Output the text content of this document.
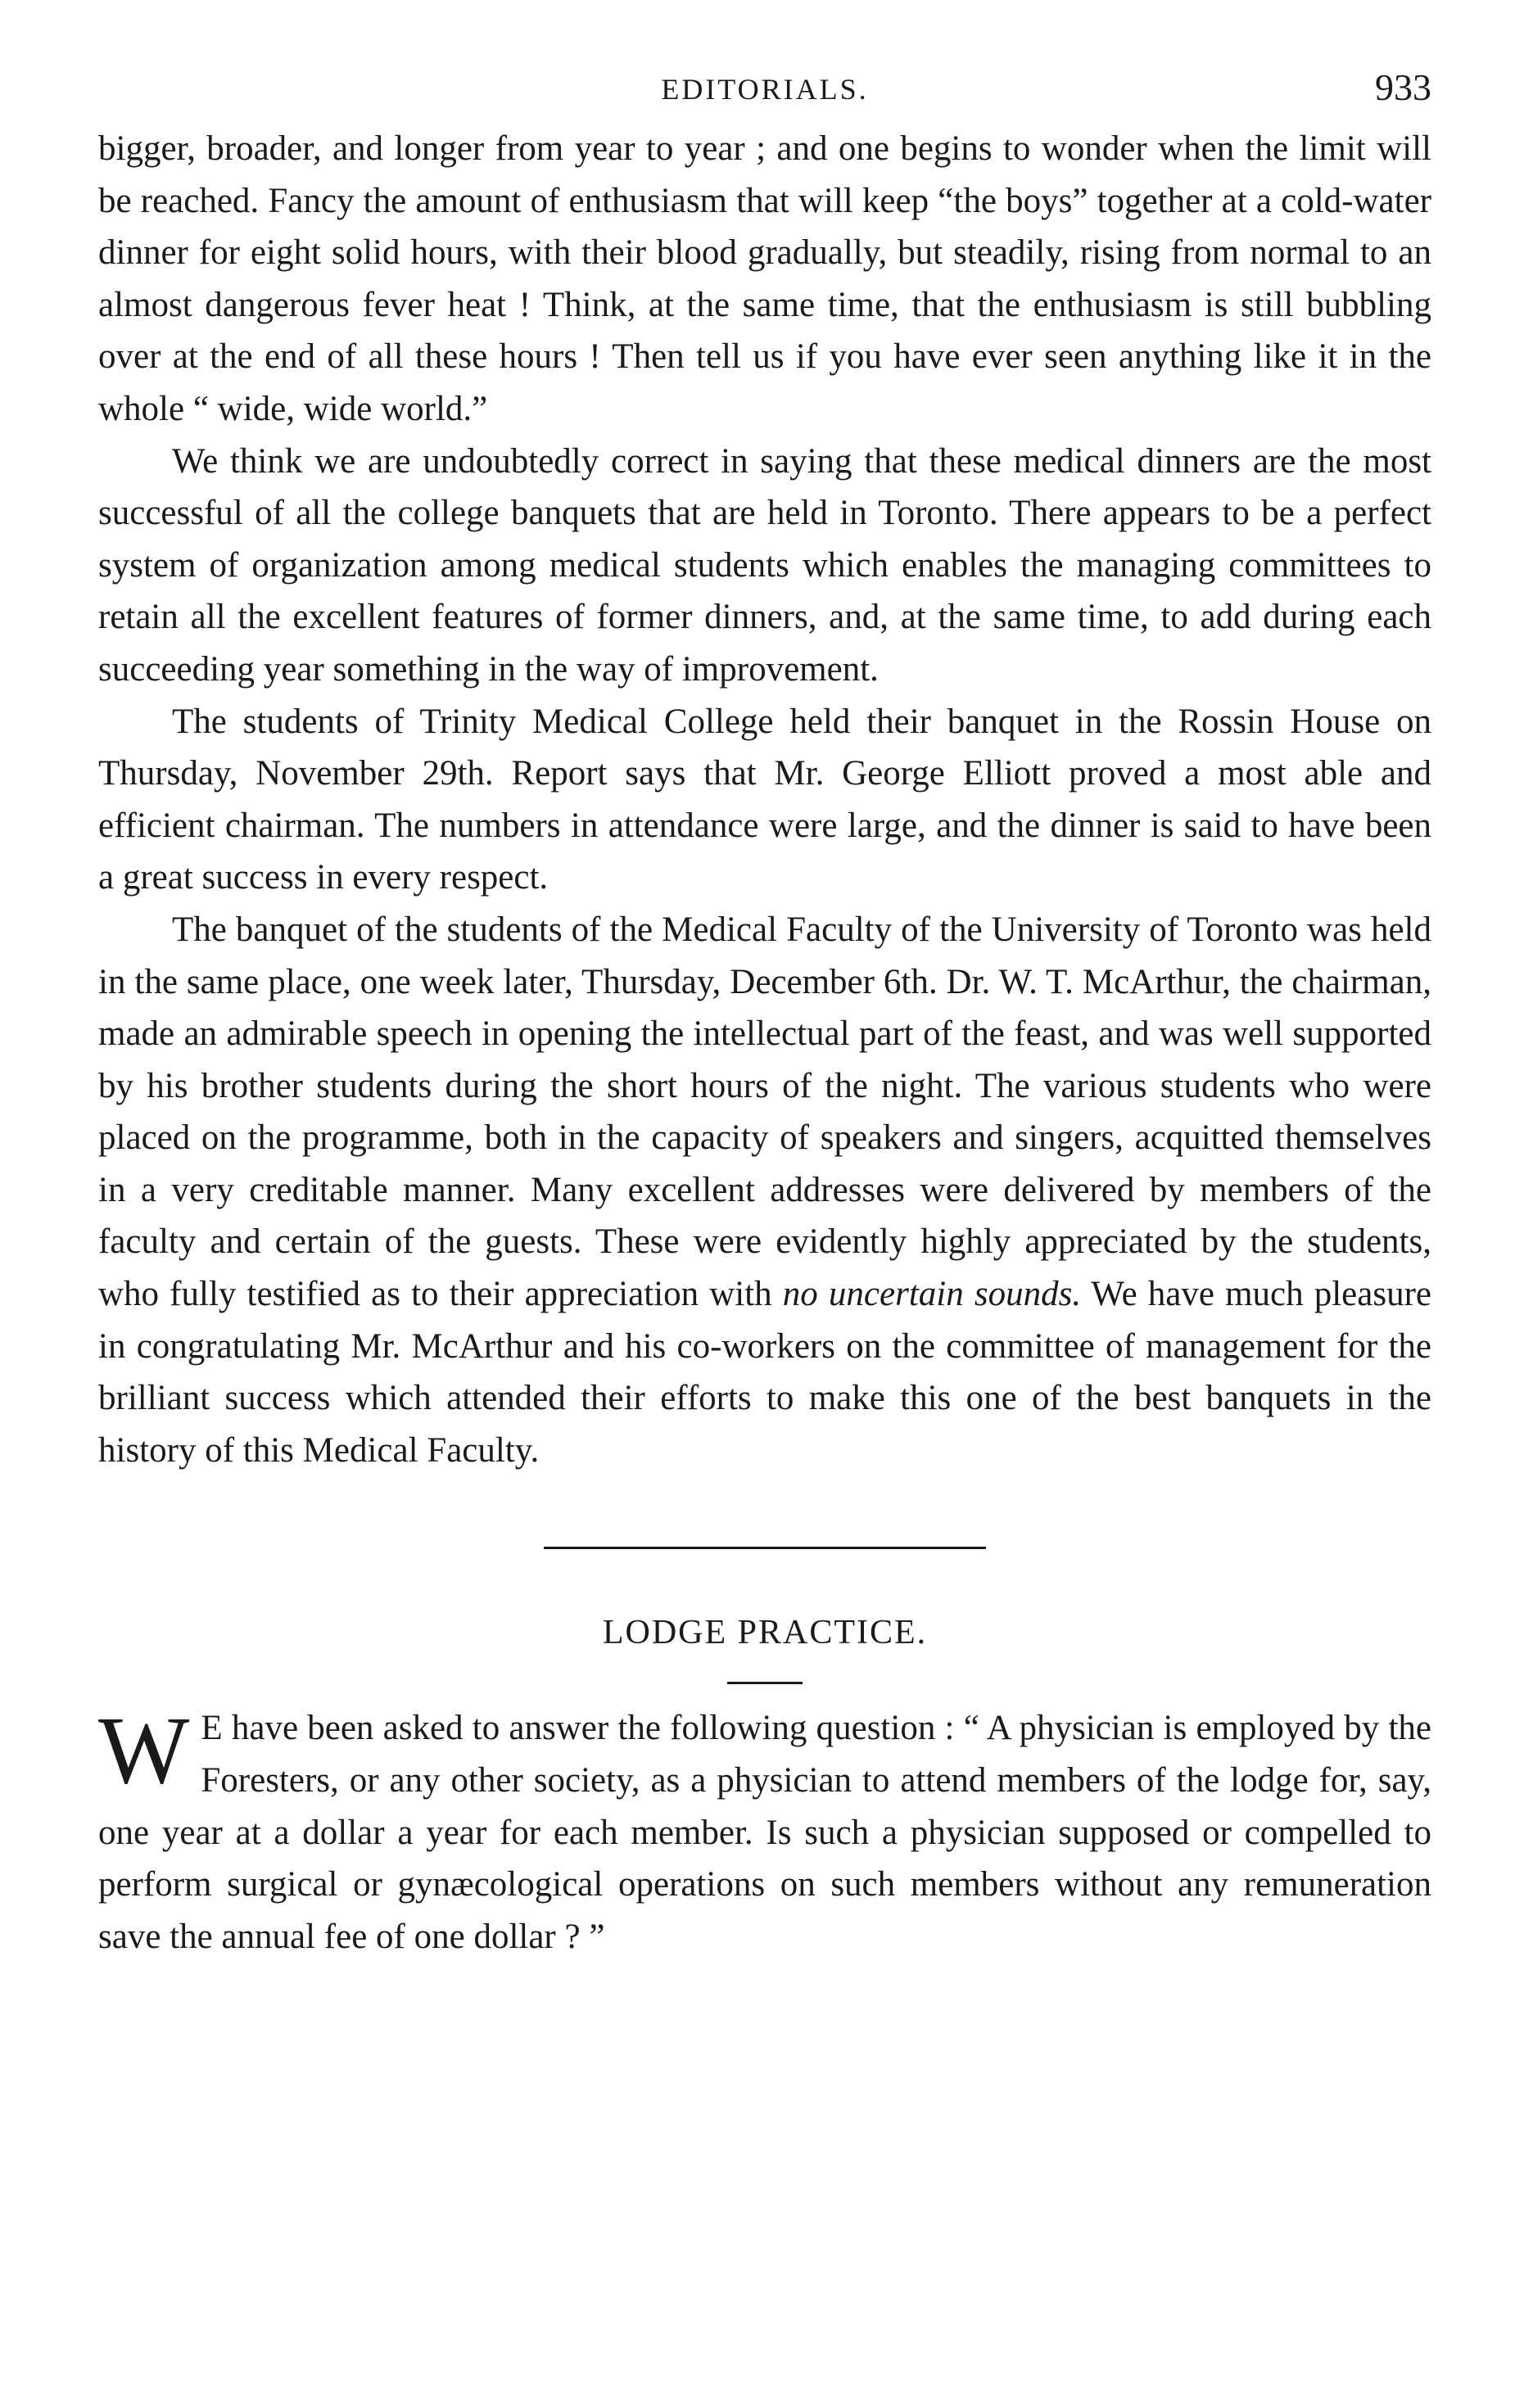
EDITORIALS.	933

bigger, broader, and longer from year to year ; and one begins to wonder when the limit will be reached. Fancy the amount of enthusiasm that will keep “the boys” together at a cold-water dinner for eight solid hours, with their blood gradually, but steadily, rising from normal to an almost dangerous fever heat ! Think, at the same time, that the enthusiasm is still bubbling over at the end of all these hours ! Then tell us if you have ever seen anything like it in the whole “ wide, wide world.”

We think we are undoubtedly correct in saying that these medical dinners are the most successful of all the college banquets that are held in Toronto. There appears to be a perfect system of organization among medical students which enables the managing committees to retain all the excellent features of former dinners, and, at the same time, to add during each succeeding year something in the way of improvement.

The students of Trinity Medical College held their banquet in the Rossin House on Thursday, November 29th. Report says that Mr. George Elliott proved a most able and efficient chairman. The numbers in attendance were large, and the dinner is said to have been a great success in every respect.

The banquet of the students of the Medical Faculty of the University of Toronto was held in the same place, one week later, Thursday, December 6th. Dr. W. T. McArthur, the chairman, made an admirable speech in opening the intellectual part of the feast, and was well supported by his brother students during the short hours of the night. The various students who were placed on the programme, both in the capacity of speakers and singers, acquitted themselves in a very creditable manner. Many excellent addresses were delivered by members of the faculty and certain of the guests. These were evidently highly appreciated by the students, who fully testified as to their appreciation with no uncertain sounds. We have much pleasure in congratulating Mr. McArthur and his co-workers on the committee of management for the brilliant success which attended their efforts to make this one of the best banquets in the history of this Medical Faculty.

LODGE PRACTICE.

W E have been asked to answer the following question : “ A physician is employed by the Foresters, or any other society, as a physician to attend members of the lodge for, say, one year at a dollar a year for each member. Is such a physician supposed or compelled to perform surgical or gynæcological operations on such members without any remuneration save the annual fee of one dollar ? ”
